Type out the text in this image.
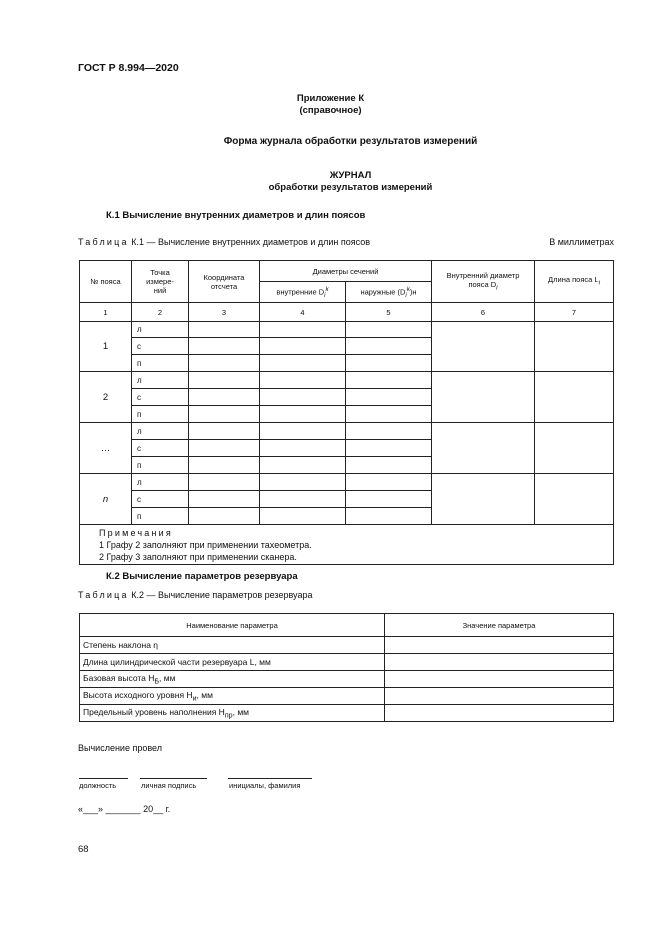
ГОСТ Р 8.994—2020
Приложение К
(справочное)
Форма журнала обработки результатов измерений
ЖУРНАЛ
обработки результатов измерений
К.1 Вычисление внутренних диаметров и длин поясов
Таблица К.1 — Вычисление внутренних диаметров и длин поясов	В миллиметрах
№ пояса	Точка измере-ний	Координата отсчета	Диаметры сечений		Внутренний диаметр пояса $D_i$	Длина пояса $L_i$

			внутренние $D_i^k$	наружные $(D_i^k)н$		
1	2	3	4	5	6	7
1	л					
	с					
	п					
2	л					
	с					
	п					
…	л					
	с					
	п					
n	л					
	с					
	п					

Примечания
1 Графу 2 заполняют при применении тахеометра.
2 Графу 3 заполняют при применении сканера.						
К.2 Вычисление параметров резервуара
Таблица К.2 — Вычисление параметров резервуара
Наименование параметра	Значение параметра
Степень наклона η	
Длина цилиндрической части резервуара L, мм	
Базовая высота $H_Б$, мм	
Высота исходного уровня $H_и$, мм	
Предельный уровень наполнения $H_{пр}$, мм	
Вычисление провел
должность	личная подпись	инициалы, фамилия
«___» _______ 20__ г.
68
